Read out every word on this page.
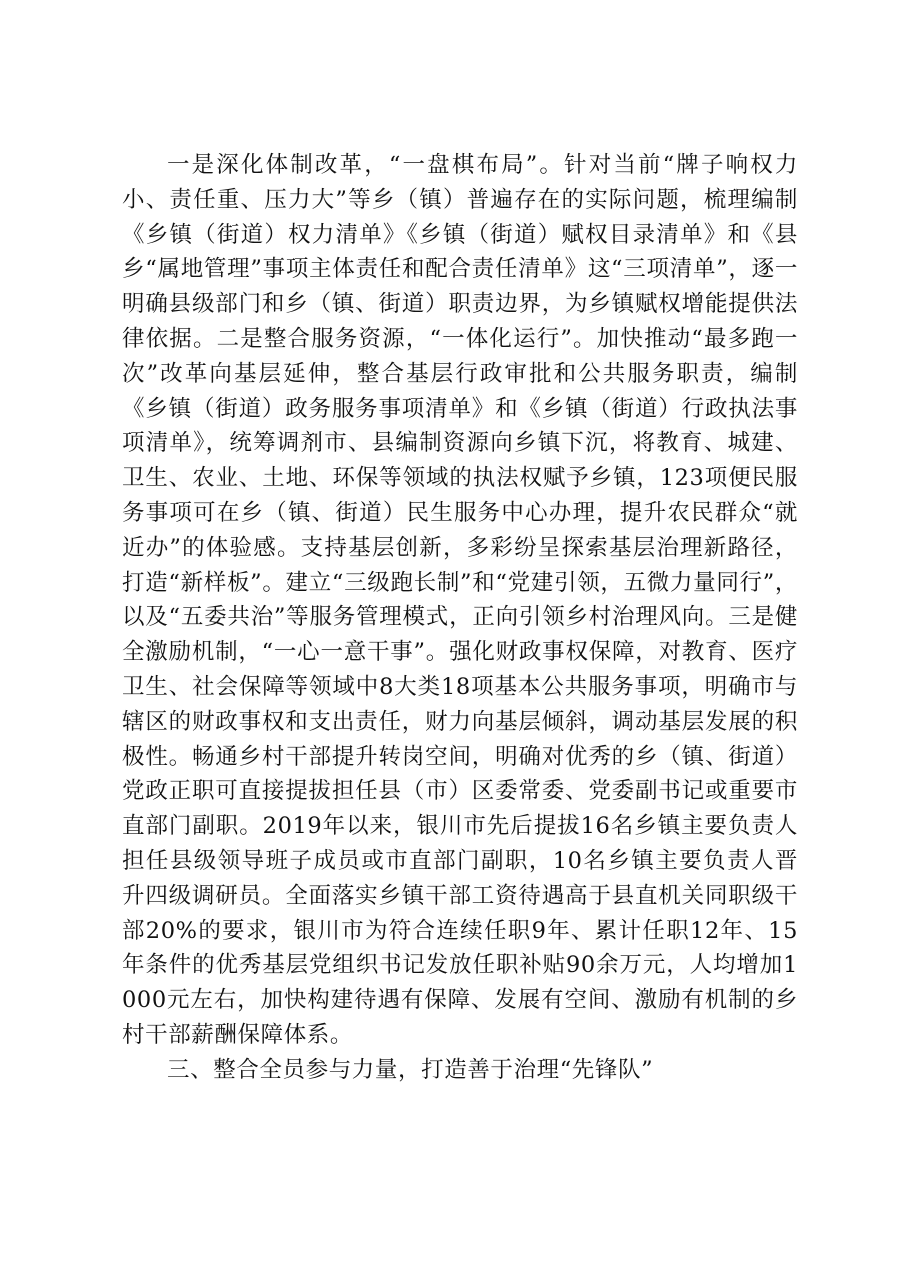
一是深化体制改革，“一盘棋布局”。针对当前“牌子响权力小、责任重、压力大”等乡（镇）普遍存在的实际问题，梳理编制《乡镇（街道）权力清单》《乡镇（街道）赋权目录清单》和《县乡“属地管理”事项主体责任和配合责任清单》这“三项清单”，逐一明确县级部门和乡（镇、街道）职责边界，为乡镇赋权增能提供法律依据。二是整合服务资源，“一体化运行”。加快推动“最多跑一次”改革向基层延伸，整合基层行政审批和公共服务职责，编制《乡镇（街道）政务服务事项清单》和《乡镇（街道）行政执法事项清单》，统筹调剂市、县编制资源向乡镇下沉，将教育、城建、卫生、农业、土地、环保等领域的执法权赋予乡镇，123项便民服务事项可在乡（镇、街道）民生服务中心办理，提升农民群众“就近办”的体验感。支持基层创新，多彩纷呈探索基层治理新路径，打造“新样板”。建立“三级跑长制”和“党建引领，五微力量同行”，以及“五委共治”等服务管理模式，正向引领乡村治理风向。三是健全激励机制，“一心一意干事”。强化财政事权保障，对教育、医疗卫生、社会保障等领域中8大类18项基本公共服务事项，明确市与辖区的财政事权和支出责任，财力向基层倾斜，调动基层发展的积极性。畅通乡村干部提升转岗空间，明确对优秀的乡（镇、街道）党政正职可直接提拔担任县（市）区委常委、党委副书记或重要市直部门副职。2019年以来，银川市先后提拔16名乡镇主要负责人担任县级领导班子成员或市直部门副职，10名乡镇主要负责人晋升四级调研员。全面落实乡镇干部工资待遇高于县直机关同职级干部20%的要求，银川市为符合连续任职9年、累计任职12年、15年条件的优秀基层党组织书记发放任职补贴90余万元，人均增加1000元左右，加快构建待遇有保障、发展有空间、激励有机制的乡村干部薪酬保障体系。

三、整合全员参与力量，打造善于治理“先锋队”
